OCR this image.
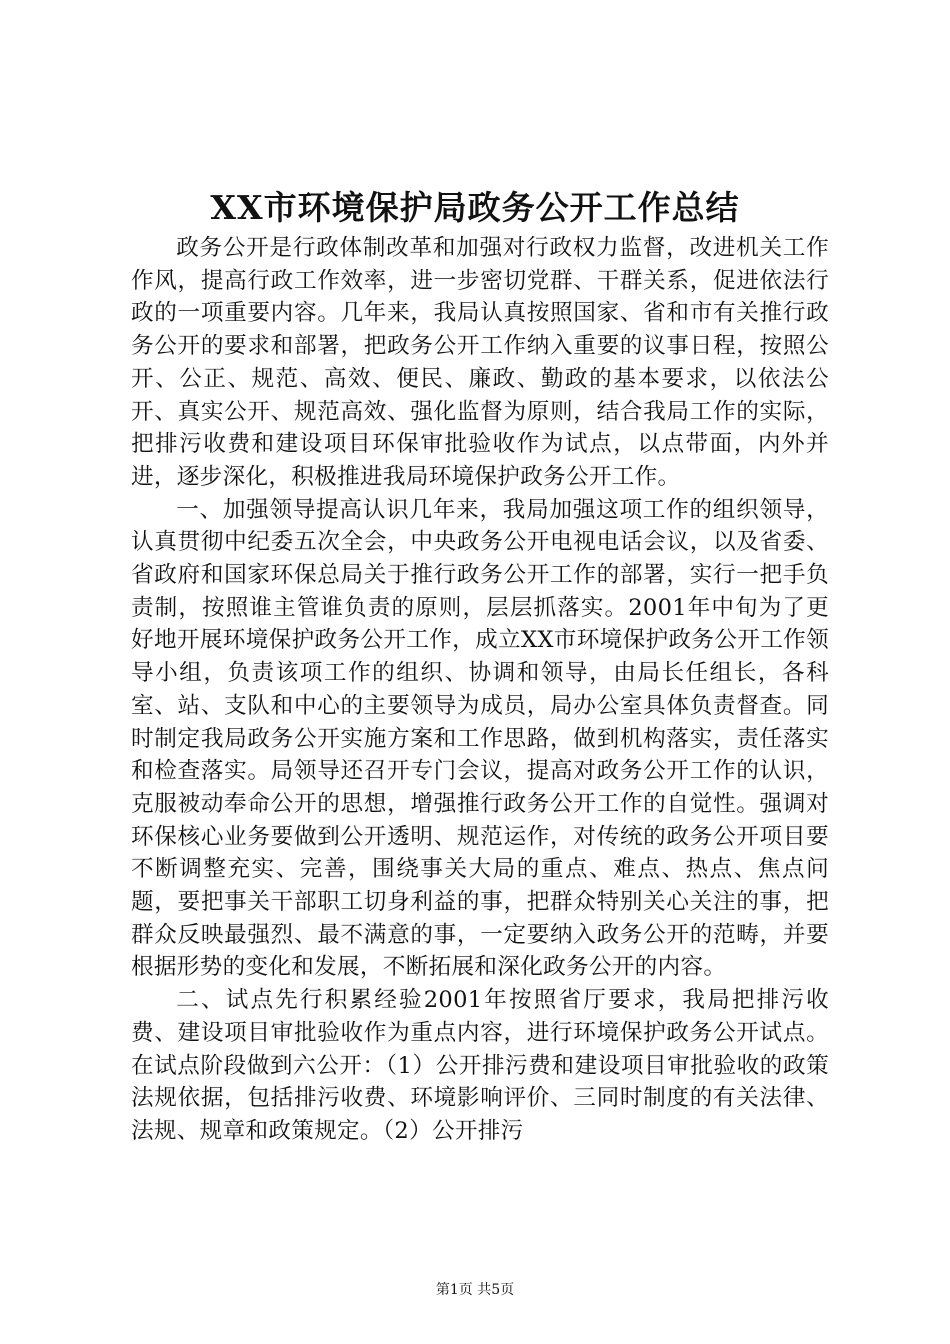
XX市环境保护局政务公开工作总结

政务公开是行政体制改革和加强对行政权力监督，改进机关工作作风，提高行政工作效率，进一步密切党群、干群关系，促进依法行政的一项重要内容。几年来，我局认真按照国家、省和市有关推行政务公开的要求和部署，把政务公开工作纳入重要的议事日程，按照公开、公正、规范、高效、便民、廉政、勤政的基本要求，以依法公开、真实公开、规范高效、强化监督为原则，结合我局工作的实际，把排污收费和建设项目环保审批验收作为试点，以点带面，内外并进，逐步深化，积极推进我局环境保护政务公开工作。

一、加强领导提高认识几年来，我局加强这项工作的组织领导，认真贯彻中纪委五次全会，中央政务公开电视电话会议，以及省委、省政府和国家环保总局关于推行政务公开工作的部署，实行一把手负责制，按照谁主管谁负责的原则，层层抓落实。2001年中旬为了更好地开展环境保护政务公开工作，成立XX市环境保护政务公开工作领导小组，负责该项工作的组织、协调和领导，由局长任组长，各科室、站、支队和中心的主要领导为成员，局办公室具体负责督查。同时制定我局政务公开实施方案和工作思路，做到机构落实，责任落实和检查落实。局领导还召开专门会议，提高对政务公开工作的认识，克服被动奉命公开的思想，增强推行政务公开工作的自觉性。强调对环保核心业务要做到公开透明、规范运作，对传统的政务公开项目要不断调整充实、完善，围绕事关大局的重点、难点、热点、焦点问题，要把事关干部职工切身利益的事，把群众特别关心关注的事，把群众反映最强烈、最不满意的事，一定要纳入政务公开的范畴，并要根据形势的变化和发展，不断拓展和深化政务公开的内容。

二、试点先行积累经验2001年按照省厅要求，我局把排污收费、建设项目审批验收作为重点内容，进行环境保护政务公开试点。在试点阶段做到六公开：（1）公开排污费和建设项目审批验收的政策法规依据，包括排污收费、环境影响评价、三同时制度的有关法律、法规、规章和政策规定。（2）公开排污

第1页 共5页
